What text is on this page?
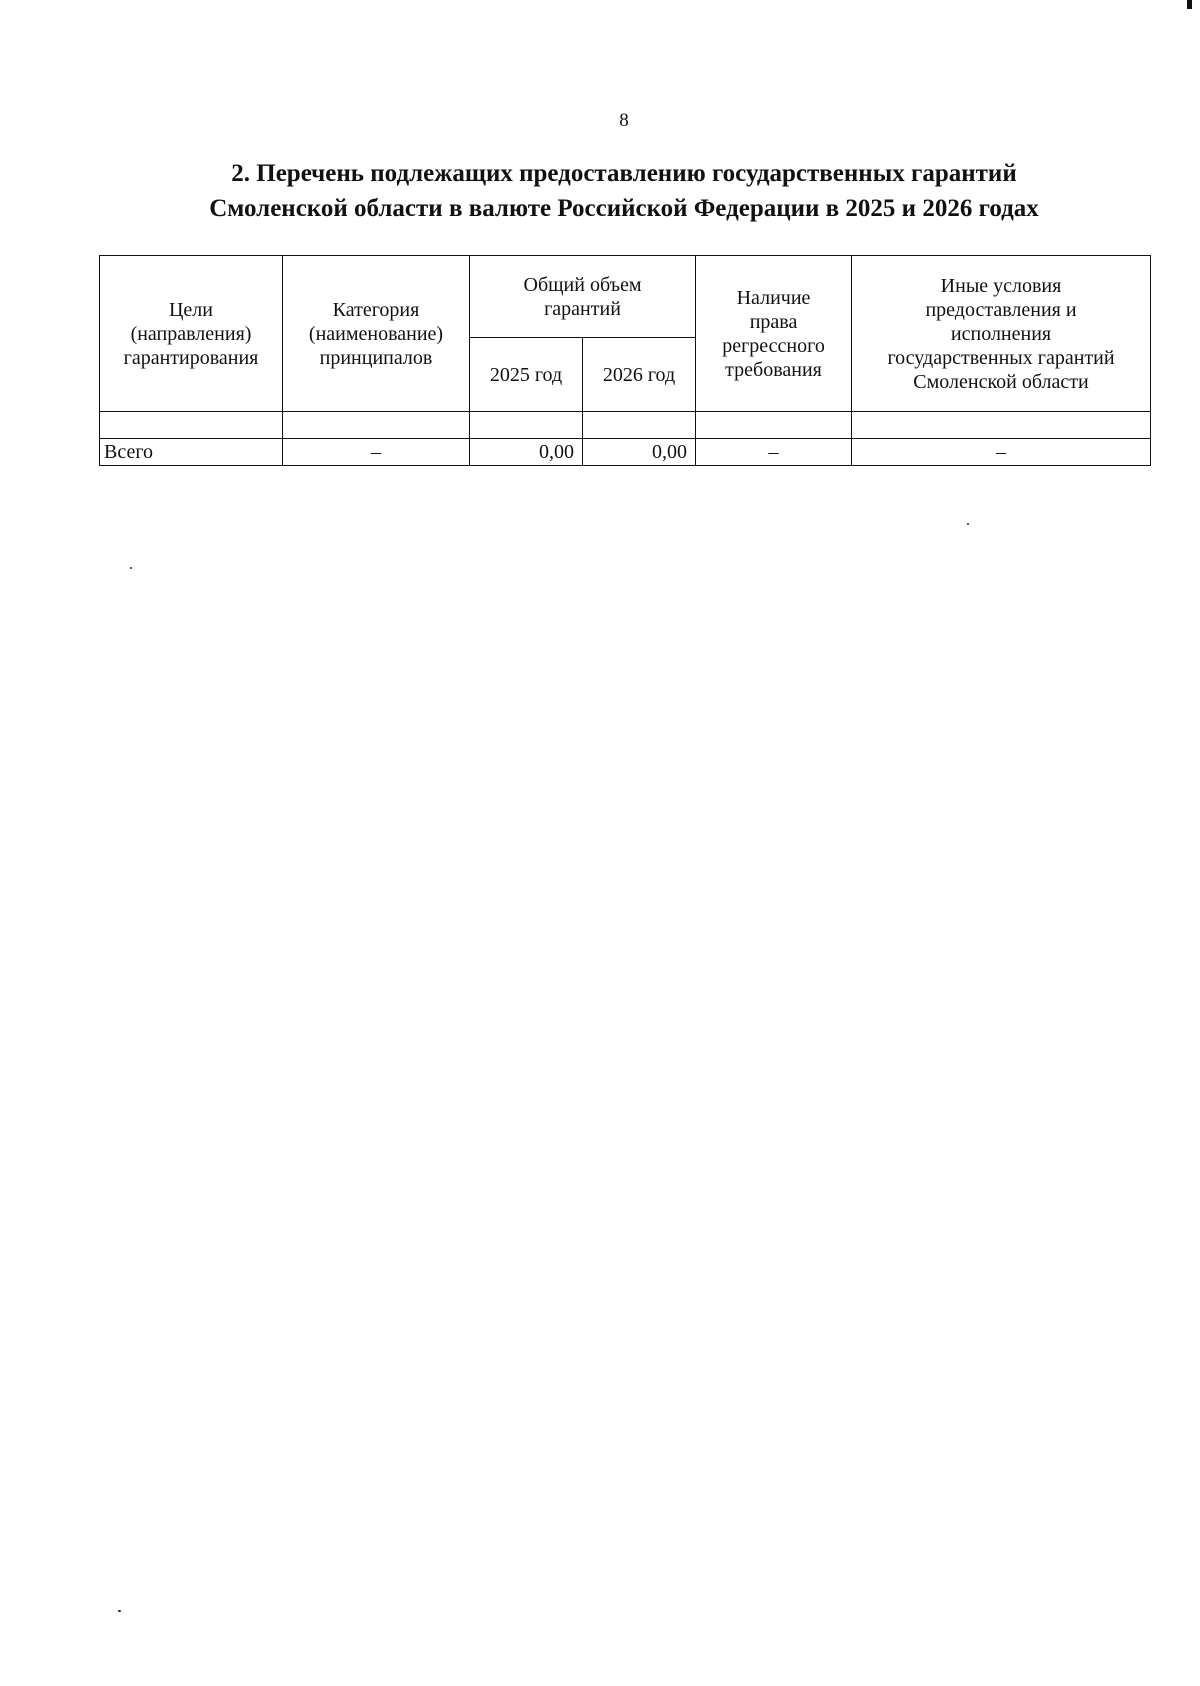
8
2. Перечень подлежащих предоставлению государственных гарантий
Смоленской области в валюте Российской Федерации в 2025 и 2026 годах
Цели
(направления)
гарантирования	Категория
(наименование)
принципалов	Общий объем
гарантий		Наличие
права
регрессного
требования	Иные условия
предоставления и
исполнения
государственных гарантий
Смоленской области

		2025 год	2026 год		

Всего	–	0,00	0,00	–	–
